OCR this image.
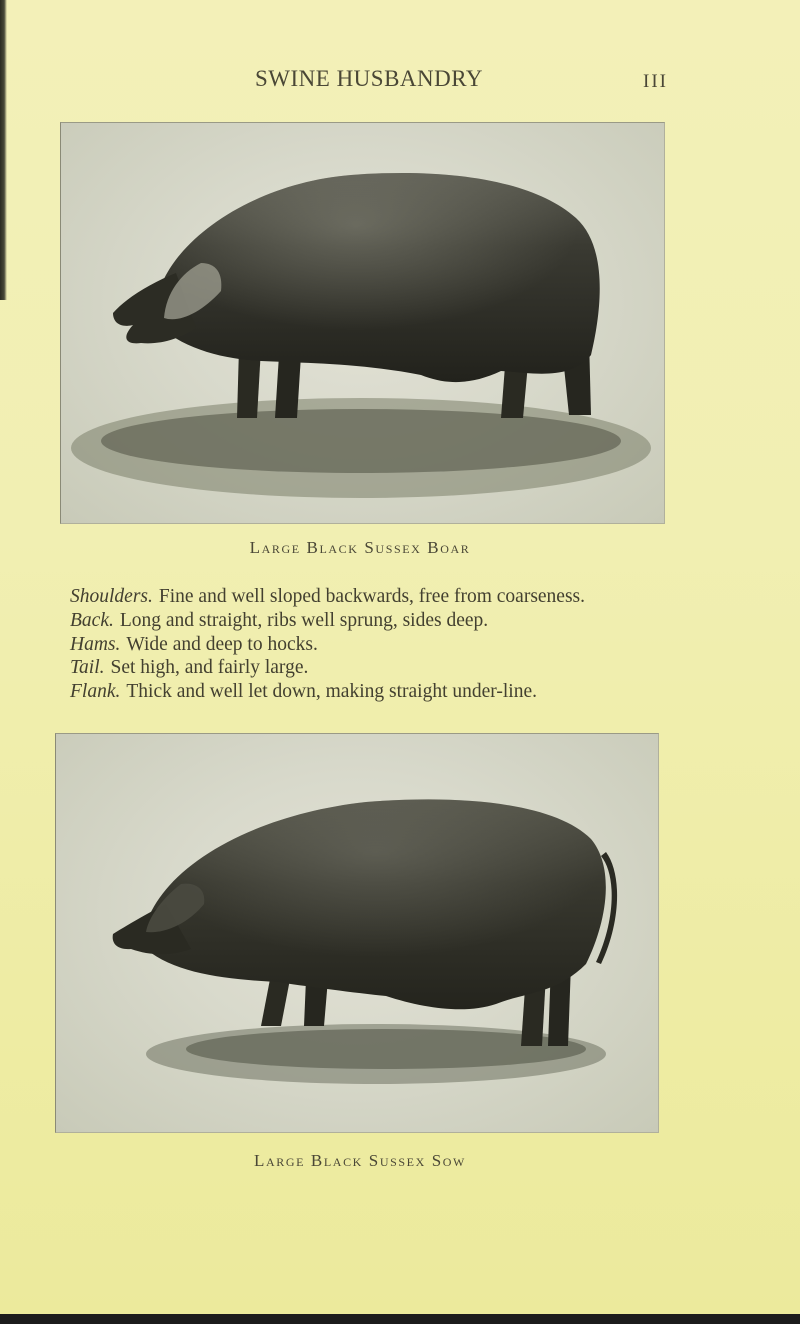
SWINE HUSBANDRY	III
Large Black Sussex Boar
Shoulders. Fine and well sloped backwards, free from coarseness.
Back. Long and straight, ribs well sprung, sides deep.
Hams. Wide and deep to hocks.
Tail. Set high, and fairly large.
Flank. Thick and well let down, making straight under-line.
Large Black Sussex Sow
